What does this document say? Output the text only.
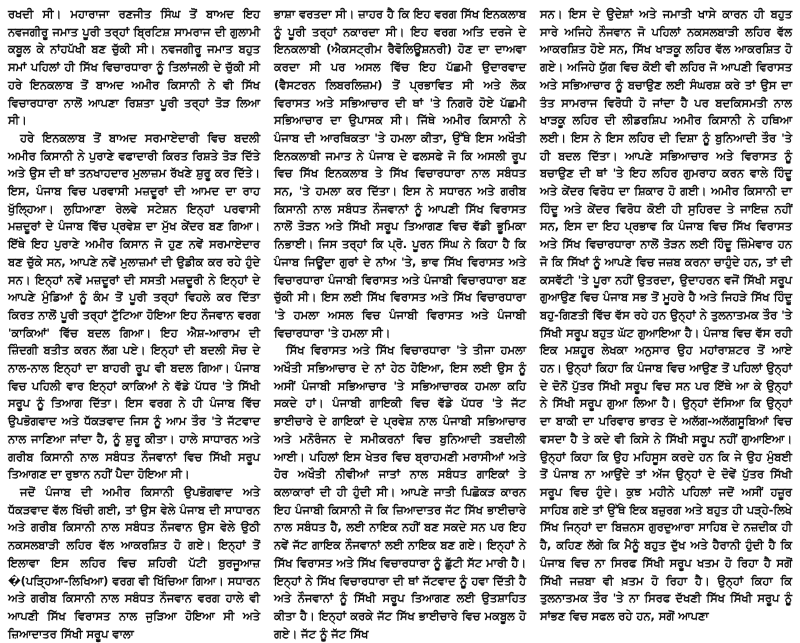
ਰਖਦੀ ਸੀ। ਮਹਾਰਾਜਾ ਰਣਜੀਤ ਸਿੰਘ ਤੋਂ ਬਾਅਦ ਇਹ ਨਵਜਗੀਰੂ ਜਮਾਤ ਪੂਰੀ ਤਰ੍ਹਾਂ ਬ੍ਰਿਟਿਸ਼ ਸਾਮਰਾਜ ਦੀ ਗੁਲਾਮੀ ਕਬੂਲ ਕੇ ਨਾਂਹਪੱਖੀ ਬਣ ਚੁੱਕੀ ਸੀ। ਨਵਜਗੀਰੂ ਜਮਾਤ ਬਹੁਤ ਸਮਾਂ ਪਹਿਲਾਂ ਹੀ ਸਿੱਖ ਵਿਚਾਰਧਾਰਾ ਨੂੰ ਤਿਲਾਂਜਲੀ ਦੇ ਚੁੱਕੀ ਸੀ ਹਰੇ ਇਨਕਲਾਬ ਤੋਂ ਬਾਅਦ ਅਮੀਰ ਕਿਸਾਨੀ ਨੇ ਵੀ ਸਿੱਖ ਵਿਚਾਰਧਾਰਾ ਨਾਲੋਂ ਆਪਣਾ ਰਿਸ਼ਤਾ ਪੂਰੀ ਤਰ੍ਹਾਂ ਤੋੜ ਲਿਆ ਸੀ।

ਹਰੇ ਇਨਕਲਾਬ ਤੋਂ ਬਾਅਦ ਸਰਮਾਏਦਾਰੀ ਵਿਚ ਬਦਲੀ ਅਮੀਰ ਕਿਸਾਨੀ ਨੇ ਪੁਰਾਣੇ ਵਫਾਦਾਰੀ ਕਿਰਤ ਰਿਸ਼ਤੇ ਤੋੜ ਦਿੱਤੇ ਅਤੇ ਉਸ ਦੀ ਥਾਂ ਤਨਖਾਹਦਾਰ ਮੁਲਾਜ਼ਮ ਰੱਖਣੇ ਸ਼ੁਰੂ ਕਰ ਦਿੱਤੇ। ਇਸ, ਪੰਜਾਬ ਵਿਚ ਪਰਵਾਸੀ ਮਜ਼ਦੂਰਾਂ ਦੀ ਆਮਦ ਦਾ ਰਾਹ ਖੁੱਲ੍ਹਿਆ। ਲੁਧਿਆਣਾ ਰੇਲਵੇ ਸਟੇਸ਼ਨ ਇਨ੍ਹਾਂ ਪਰਵਾਸੀ ਮਜ਼ਦੂਰਾਂ ਦੇ ਪੰਜਾਬ ਵਿੱਚ ਪ੍ਰਵੇਸ਼ ਦਾ ਮੁੱਖ ਕੇਂਦਰ ਬਣ ਗਿਆ। ਇੱਥੇ ਇਹ ਪੁਰਾਣੇ ਅਮੀਰ ਕਿਸਾਨ ਜੋ ਹੁਣ ਨਵੇਂ ਸਰਮਾਏਦਾਰ ਬਣ ਚੁੱਕੇ ਸਨ, ਆਪਣੇ ਨਵੇਂ ਮੁਲਾਜ਼ਮਾਂ ਦੀ ਉਡੀਕ ਕਰ ਰਹੇ ਹੁੰਦੇ ਸਨ। ਇਨ੍ਹਾਂ ਨਵੇਂ ਮਜ਼ਦੂਰਾਂ ਦੀ ਸਸਤੀ ਮਜ਼ਦੂਰੀ ਨੇ ਇਨ੍ਹਾਂ ਦੇ ਆਪਣੇ ਮੁੰਡਿਆਂ ਨੂੰ ਕੰਮ ਤੋਂ ਪੂਰੀ ਤਰ੍ਹਾਂ ਵਿਹਲੇ ਕਰ ਦਿੱਤਾ ਕਿਰਤ ਨਾਲੋਂ ਪੂਰੀ ਤਰ੍ਹਾਂ ਟੁੱਟਿਆ ਹੋਇਆ ਇਹ ਨੌਜਵਾਨ ਵਰਗ 'ਕਾਕਿਆਂ' ਵਿੱਚ ਬਦਲ ਗਿਆ। ਇਹ ਐਸ਼-ਆਰਾਮ ਦੀ ਜ਼ਿੰਦਗੀ ਬਤੀਤ ਕਰਨ ਲੱਗ ਪਏ। ਇਨ੍ਹਾਂ ਦੀ ਬਦਲੀ ਸੋਚ ਦੇ ਨਾਲ-ਨਾਲ ਇਨ੍ਹਾਂ ਦਾ ਬਾਹਰੀ ਰੂਪ ਵੀ ਬਦਲ ਗਿਆ। ਪੰਜਾਬ ਵਿਚ ਪਹਿਲੀ ਵਾਰ ਇਨ੍ਹਾਂ ਕਾਕਿਆਂ ਨੇ ਵੱਡੇ ਪੱਧਰ 'ਤੇ ਸਿੱਖੀ ਸਰੂਪ ਨੂੰ ਤਿਆਗ ਦਿੱਤਾ। ਇਸ ਵਰਗ ਨੇ ਹੀ ਪੰਜਾਬ ਵਿੱਚ ਉਪਭੋਗਵਾਦ ਅਤੇ ਧੱਕੜਵਾਦ ਜਿਸ ਨੂੰ ਆਮ ਤੌਰ 'ਤੇ ਜੱਟਵਾਦ ਨਾਲ ਜਾਣਿਆ ਜਾਂਦਾ ਹੈ, ਨੂੰ ਸ਼ੁਰੂ ਕੀਤਾ। ਹਾਲੇ ਸਾਧਾਰਨ ਅਤੇ ਗਰੀਬ ਕਿਸਾਨੀ ਨਾਲ ਸਬੰਧਤ ਨੌਜਵਾਨਾਂ ਵਿਚ ਸਿੱਖੀ ਸਰੂਪ ਤਿਆਗਣ ਦਾ ਰੁਝਾਨ ਨਹੀਂ ਪੈਦਾ ਹੋਇਆ ਸੀ।

ਜਦੋਂ ਪੰਜਾਬ ਦੀ ਅਮੀਰ ਕਿਸਾਨੀ ਉਪਭੋਗਵਾਦ ਅਤੇ ਧੱਕੜਵਾਦ ਵੱਲ ਖਿੱਚੀ ਗਈ, ਤਾਂ ਉਸ ਵੇਲੇ ਪੰਜਾਬ ਦੀ ਸਾਧਾਰਨ ਅਤੇ ਗਰੀਬ ਕਿਸਾਨੀ ਨਾਲ ਸਬੰਧਤ ਨੌਜਵਾਨ ਉਸ ਵੇਲੇ ਉਠੀ ਨਕਸਲਬਾੜੀ ਲਹਿਰ ਵੱਲ ਆਕਰਸ਼ਿਤ ਹੋ ਗਏ। ਇਨ੍ਹਾਂ ਤੋਂ ਇਲਾਵਾ ਇਸ ਲਹਿਰ ਵਿਚ ਸ਼ਹਿਰੀ ਪੱਟੀ ਬੁਰਜੂਆਜ਼ �(ਪੜ੍ਹਿਆ-ਲਿਖਿਆ) ਵਰਗ ਵੀ ਖਿੱਚਿਆ ਗਿਆ। ਸਧਾਰਨ ਅਤੇ ਗਰੀਬ ਕਿਸਾਨੀ ਨਾਲ ਸਬੰਧਤ ਨੌਜਵਾਨ ਵਰਗ ਹਾਲੇ ਵੀ ਆਪਣੀ ਸਿੱਖ ਵਿਰਾਸਤ ਨਾਲ ਜੁੜਿਆ ਹੋਇਆ ਸੀ ਅਤੇ ਜ਼ਿਆਦਾਤਰ ਸਿੱਖੀ ਸਰੂਪ ਵਾਲਾ

ਭਾਸ਼ਾ ਵਰਤਦਾ ਸੀ। ਜ਼ਾਹਰ ਹੈ ਕਿ ਇਹ ਵਰਗ ਸਿੱਖ ਇਨਕਲਾਬ ਨੂੰ ਪੂਰੀ ਤਰ੍ਹਾਂ ਨਕਾਰਦਾ ਸੀ। ਇਹ ਵਰਗ ਅਤਿ ਦਰਜੇ ਦੇ ਇਨਕਲਾਬੀ (ਐਕਸਟ੍ਰੀਮ ਰੈਵੋਲਿਊਸ਼ਨਰੀ) ਹੋਣ ਦਾ ਦਾਅਵਾ ਕਰਦਾ ਸੀ ਪਰ ਅਸਲ ਵਿੱਚ ਇਹ ਪੱਛਮੀ ਉਦਾਰਵਾਦ (ਵੈਸਟਰਨ ਲਿਬਰਲਿਜ਼ਮ) ਤੋਂ ਪ੍ਰਭਾਵਿਤ ਸੀ ਅਤੇ ਲੋਕ ਵਿਰਾਸਤ ਅਤੇ ਸਭਿਆਚਾਰ ਦੀ ਥਾਂ 'ਤੇ ਨਿਗਰੋ ਹੋਏ ਪੱਛਮੀ ਸਭਿਆਚਾਰ ਦਾ ਉਪਾਸਕ ਸੀ। ਜਿੱਥੇ ਅਮੀਰ ਕਿਸਾਨੀ ਨੇ ਪੰਜਾਬ ਦੀ ਆਰਥਿਕਤਾ 'ਤੇ ਹਮਲਾ ਕੀਤਾ, ਉੱਥੇ ਇਸ ਅਖੌਤੀ ਇਨਕਲਾਬੀ ਜਮਾਤ ਨੇ ਪੰਜਾਬ ਦੇ ਫਲਸਫੇ ਜੋ ਕਿ ਅਸਲੀ ਰੂਪ ਵਿਚ ਸਿੱਖ ਇਨਕਲਾਬ ਤੇ ਸਿੱਖ ਵਿਚਾਰਧਾਰਾ ਨਾਲ ਸਬੰਧਤ ਸਨ, 'ਤੇ ਹਮਲਾ ਕਰ ਦਿੱਤਾ। ਇਸ ਨੇ ਸਧਾਰਨ ਅਤੇ ਗਰੀਬ ਕਿਸਾਨੀ ਨਾਲ ਸਬੰਧਤ ਨੌਜਵਾਨਾਂ ਨੂੰ ਆਪਣੀ ਸਿੱਖ ਵਿਰਾਸਤ ਨਾਲੋਂ ਤੋੜਨ ਅਤੇ ਸਿੱਖੀ ਸਰੂਪ ਤਿਆਗਣ ਵਿਚ ਵੱਡੀ ਭੂਮਿਕਾ ਨਿਭਾਈ। ਜਿਸ ਤਰ੍ਹਾਂ ਕਿ ਪ੍ਰੋ. ਪੂਰਨ ਸਿੰਘ ਨੇ ਕਿਹਾ ਹੈ ਕਿ ਪੰਜਾਬ ਜਿਊਂਦਾ ਗੁਰਾਂ ਦੇ ਨਾਂਅ 'ਤੇ, ਭਾਵ ਸਿੱਖ ਵਿਰਾਸਤ ਅਤੇ ਵਿਚਾਰਧਾਰਾ ਪੰਜਾਬੀ ਵਿਰਾਸਤ ਅਤੇ ਪੰਜਾਬੀ ਵਿਚਾਰਧਾਰਾ ਬਣ ਚੁੱਕੀ ਸੀ। ਇਸ ਲਈ ਸਿੱਖ ਵਿਰਾਸਤ ਅਤੇ ਸਿੱਖ ਵਿਚਾਰਧਾਰਾ 'ਤੇ ਹਮਲਾ ਅਸਲ ਵਿਚ ਪੰਜਾਬੀ ਵਿਰਾਸਤ ਅਤੇ ਪੰਜਾਬੀ ਵਿਚਾਰਧਾਰਾ 'ਤੇ ਹਮਲਾ ਸੀ।

ਸਿੱਖ ਵਿਰਾਸਤ ਅਤੇ ਸਿੱਖ ਵਿਚਾਰਧਾਰਾ 'ਤੇ ਤੀਜਾ ਹਮਲਾ ਅਖੌਤੀ ਸਭਿਆਚਾਰ ਦੇ ਨਾਂ ਹੇਠ ਹੋਇਆ, ਇਸ ਲਈ ਉਸ ਨੂੰ ਅਸੀਂ ਪੰਜਾਬੀ ਸਭਿਆਚਾਰ 'ਤੇ ਸਭਿਆਚਾਰਕ ਹਮਲਾ ਕਹਿ ਸਕਦੇ ਹਾਂ। ਪੰਜਾਬੀ ਗਾਇਕੀ ਵਿਚ ਵੱਡੇ ਪੱਧਰ 'ਤੇ ਜੱਟ ਭਾਈਚਾਰੇ ਦੇ ਗਾਇਕਾਂ ਦੇ ਪ੍ਰਵੇਸ਼ ਨਾਲ ਪੰਜਾਬੀ ਸਭਿਆਚਾਰ ਅਤੇ ਮਨੋਰੰਜਨ ਦੇ ਸਮੀਕਰਨਾਂ ਵਿਚ ਬੁਨਿਆਦੀ ਤਬਦੀਲੀ ਆਈ। ਪਹਿਲਾਂ ਇਸ ਖੇਤਰ ਵਿਚ ਬ੍ਰਾਹਮਣੀ ਮਰਾਸੀਆਂ ਅਤੇ ਹੋਰ ਅਖੌਤੀ ਨੀਵੀਆਂ ਜਾਤਾਂ ਨਾਲ ਸਬੰਧਤ ਗਾਇਕਾਂ ਤੇ ਕਲਾਕਾਰਾਂ ਦੀ ਹੀ ਹੁੰਦੀ ਸੀ। ਆਪਣੇ ਜਾਤੀ ਪਿਛੋਕੜ ਕਾਰਨ ਇਹ ਪੰਜਾਬੀ ਕਿਸਾਨੀ ਜੋ ਕਿ ਜ਼ਿਆਦਾਤਰ ਜੱਟ ਸਿੱਖ ਭਾਈਚਾਰੇ ਨਾਲ ਸਬੰਧਤ ਹੈ, ਲਈ ਨਾਇਕ ਨਹੀਂ ਬਣ ਸਕਦੇ ਸਨ ਪਰ ਇਹ ਨਵੇਂ ਜੱਟ ਗਾਇਕ ਨੌਜਵਾਨਾਂ ਲਈ ਨਾਇਕ ਬਣ ਗਏ। ਇਨ੍ਹਾਂ ਨੇ ਸਿੱਖ ਵਿਰਾਸਤ ਅਤੇ ਸਿੱਖ ਵਿਚਾਰਧਾਰਾ ਨੂੰ ਛੁੱਟੀ ਸੱਟ ਮਾਰੀ ਹੈ। ਇਨ੍ਹਾਂ ਨੇ ਸਿੱਖ ਵਿਚਾਰਧਾਰਾ ਦੀ ਥਾਂ ਜੱਟਵਾਦ ਨੂੰ ਹਵਾ ਦਿੱਤੀ ਹੈ ਅਤੇ ਨੌਜਵਾਨਾਂ ਨੂੰ ਸਿੱਖੀ ਸਰੂਪ ਤਿਆਗਣ ਲਈ ਉਤਸ਼ਾਹਿਤ ਕੀਤਾ ਹੈ। ਇਨ੍ਹਾਂ ਕਰਕੇ ਜੱਟ ਸਿੱਖ ਭਾਈਚਾਰੇ ਵਿਚ ਮਕਬੂਲ ਹੋ ਗਏ। ਜੱਟ ਨੂੰ ਜੱਟ ਸਿੱਖ

ਸਨ। ਇਸ ਦੇ ਉਦੇਸ਼ਾਂ ਅਤੇ ਜਮਾਤੀ ਖਾਸੇ ਕਾਰਨ ਹੀ ਬਹੁਤ ਸਾਰੇ ਅਜਿਹੇ ਨੌਜਵਾਨ ਜੋ ਪਹਿਲਾਂ ਨਕਸਲਬਾੜੀ ਲਹਿਰ ਵੱਲ ਆਕਰਸ਼ਿਤ ਹੋਏ ਸਨ, ਸਿੱਖ ਖਾੜਕੂ ਲਹਿਰ ਵੱਲ ਆਕਰਸ਼ਿਤ ਹੋ ਗਏ। ਅਜਿਹੇ ਯੁੱਗ ਵਿਚ ਕੋਈ ਵੀ ਲਹਿਰ ਜੋ ਆਪਣੀ ਵਿਰਾਸਤ ਅਤੇ ਸਭਿਆਚਾਰ ਨੂੰ ਬਚਾਉਣ ਲਈ ਸੰਘਰਸ਼ ਕਰੇ ਤਾਂ ਉਸ ਦਾ ਤੰਤ ਸਾਮਰਾਜ ਵਿਰੋਧੀ ਹੋ ਜਾਂਦਾ ਹੈ ਪਰ ਬਦਕਿਸਮਤੀ ਨਾਲ ਖਾੜਕੂ ਲਹਿਰ ਦੀ ਲੀਡਰਸ਼ਿਪ ਅਮੀਰ ਕਿਸਾਨੀ ਨੇ ਹਥਿਆ ਲਈ। ਇਸ ਨੇ ਇਸ ਲਹਿਰ ਦੀ ਦਿਸ਼ਾ ਨੂੰ ਬੁਨਿਆਦੀ ਤੌਰ 'ਤੇ ਹੀ ਬਦਲ ਦਿੱਤਾ। ਆਪਣੇ ਸਭਿਆਚਾਰ ਅਤੇ ਵਿਰਾਸਤ ਨੂੰ ਬਚਾਉਣ ਦੀ ਥਾਂ 'ਤੇ ਇਹ ਲਹਿਰ ਗੁਮਰਾਹ ਕਰਨ ਵਾਲੇ ਹਿੰਦੂ ਅਤੇ ਕੇਂਦਰ ਵਿਰੋਧ ਦਾ ਸ਼ਿਕਾਰ ਹੋ ਗਈ। ਅਮੀਰ ਕਿਸਾਨੀ ਦਾ ਹਿੰਦੂ ਅਤੇ ਕੇਂਦਰ ਵਿਰੋਧ ਕੋਈ ਹੀ ਸੁਹਿਰਦ ਤੇ ਜਾਇਜ਼ ਨਹੀਂ ਸਨ, ਇਸ ਦਾ ਇਹ ਪ੍ਰਭਾਵ ਕਿ ਪੰਜਾਬ ਵਿਚ ਸਿੱਖ ਵਿਰਾਸਤ ਅਤੇ ਸਿੱਖ ਵਿਚਾਰਧਾਰਾ ਨਾਲੋਂ ਤੋੜਨ ਲਈ ਹਿੰਦੂ ਜ਼ਿੰਮੇਵਾਰ ਹਨ ਜੋ ਕਿ ਸਿੱਖਾਂ ਨੂੰ ਆਪਣੇ ਵਿਚ ਜਜ਼ਬ ਕਰਨਾ ਚਾਹੁੰਦੇ ਹਨ, ਤਾਂ ਦੀ ਕਸਵੱਟੀ 'ਤੇ ਪੂਰਾ ਨਹੀਂ ਉਤਰਦਾ, ਉਦਾਹਰਨ ਵਜੋਂ ਸਿੱਖੀ ਸਰੂਪ ਗੁਆਉਣ ਵਿਚ ਪੰਜਾਬ ਸਭ ਤੋਂ ਮੂਹਰੇ ਹੈ ਅਤੇ ਜਿਹੜੇ ਸਿੱਖ ਹਿੰਦੂ ਬਹੁ-ਗਿਣਤੀ ਵਿੱਚ ਵੱਸ ਰਹੇ ਹਨ ਉਨ੍ਹਾਂ ਨੇ ਤੁਲਨਾਤਮਕ ਤੌਰ 'ਤੇ ਸਿੱਖੀ ਸਰੂਪ ਬਹੁਤ ਘੱਟ ਗੁਆਇਆ ਹੈ। ਪੰਜਾਬ ਵਿਚ ਵੱਸ ਰਹੀ ਇਕ ਮਸ਼ਹੂਰ ਲੇਖਕਾ ਅਨੁਸਾਰ ਉਹ ਮਹਾਂਰਾਸ਼ਟਰ ਤੋਂ ਆਏ ਹਨ। ਉਨ੍ਹਾਂ ਕਿਹਾ ਕਿ ਪੰਜਾਬ ਵਿਚ ਆਉਣ ਤੋਂ ਪਹਿਲਾਂ ਉਨ੍ਹਾਂ ਦੇ ਦੋਨੋਂ ਪੁੱਤਰ ਸਿੱਖੀ ਸਰੂਪ ਵਿਚ ਸਨ ਪਰ ਇੱਥੇ ਆ ਕੇ ਉਨ੍ਹਾਂ ਨੇ ਸਿੱਖੀ ਸਰੂਪ ਗੁਆ ਲਿਆ ਹੈ। ਉਨ੍ਹਾਂ ਦੱਸਿਆ ਕਿ ਉਨ੍ਹਾਂ ਦਾ ਬਾਕੀ ਦਾ ਪਰਿਵਾਰ ਭਾਰਤ ਦੇ ਅਲੱਗ-ਅਲੱਗਸੂਬਿਆਂ ਵਿਚ ਵਸਦਾ ਹੈ ਤੇ ਕਦੇ ਵੀ ਕਿਸੇ ਨੇ ਸਿੱਖੀ ਸਰੂਪ ਨਹੀਂ ਗੁਆਇਆ। ਉਨ੍ਹਾਂ ਕਿਹਾ ਕਿ ਉਹ ਮਹਿਸੂਸ ਕਰਦੇ ਹਨ ਕਿ ਜੇ ਉਹ ਮੁੰਬਈ ਤੋਂ ਪੰਜਾਬ ਨਾ ਆਉਂਦੇ ਤਾਂ ਅੱਜ ਉਨ੍ਹਾਂ ਦੇ ਦੋਵੇਂ ਪੁੱਤਰ ਸਿੱਖੀ ਸਰੂਪ ਵਿਚ ਹੁੰਦੇ। ਕੁਝ ਮਹੀਨੇ ਪਹਿਲਾਂ ਜਦੋਂ ਅਸੀਂ ਹਜ਼ੂਰ ਸਾਹਿਬ ਗਏ ਤਾਂ ਉੱਥੇ ਇਕ ਬਜ਼ੁਰਗ ਅਤੇ ਬਹੁਤ ਹੀ ਪੜ੍ਹੇ-ਲਿਖੇ ਸਿੱਖ ਜਿਨ੍ਹਾਂ ਦਾ ਬਿਜ਼ਨਸ ਗੁਰਦੁਆਰਾ ਸਾਹਿਬ ਦੇ ਨਜ਼ਦੀਕ ਹੀ ਹੈ, ਕਹਿਣ ਲੱਗੇ ਕਿ ਮੈਨੂੰ ਬਹੁਤ ਦੁੱਖ ਅਤੇ ਹੈਰਾਨੀ ਹੁੰਦੀ ਹੈ ਕਿ ਪੰਜਾਬ ਵਿਚ ਨਾ ਸਿਰਫ ਸਿੱਖੀ ਸਰੂਪ ਖਤਮ ਹੋ ਰਿਹਾ ਹੈ ਸਗੋਂ ਸਿੱਖੀ ਜਜ਼ਬਾ ਵੀ ਖ਼ਤਮ ਹੋ ਰਿਹਾ ਹੈ। ਉਨ੍ਹਾਂ ਕਿਹਾ ਕਿ ਤੁਲਨਾਤਮਕ ਤੌਰ 'ਤੇ ਨਾ ਸਿਰਫ ਦੱਖਣੀ ਸਿੱਖ ਸਿੱਖੀ ਸਰੂਪ ਨੂੰ ਸਾਂਭਣ ਵਿਚ ਸਫਲ ਰਹੇ ਹਨ, ਸਗੋਂ ਆਪਣਾ
